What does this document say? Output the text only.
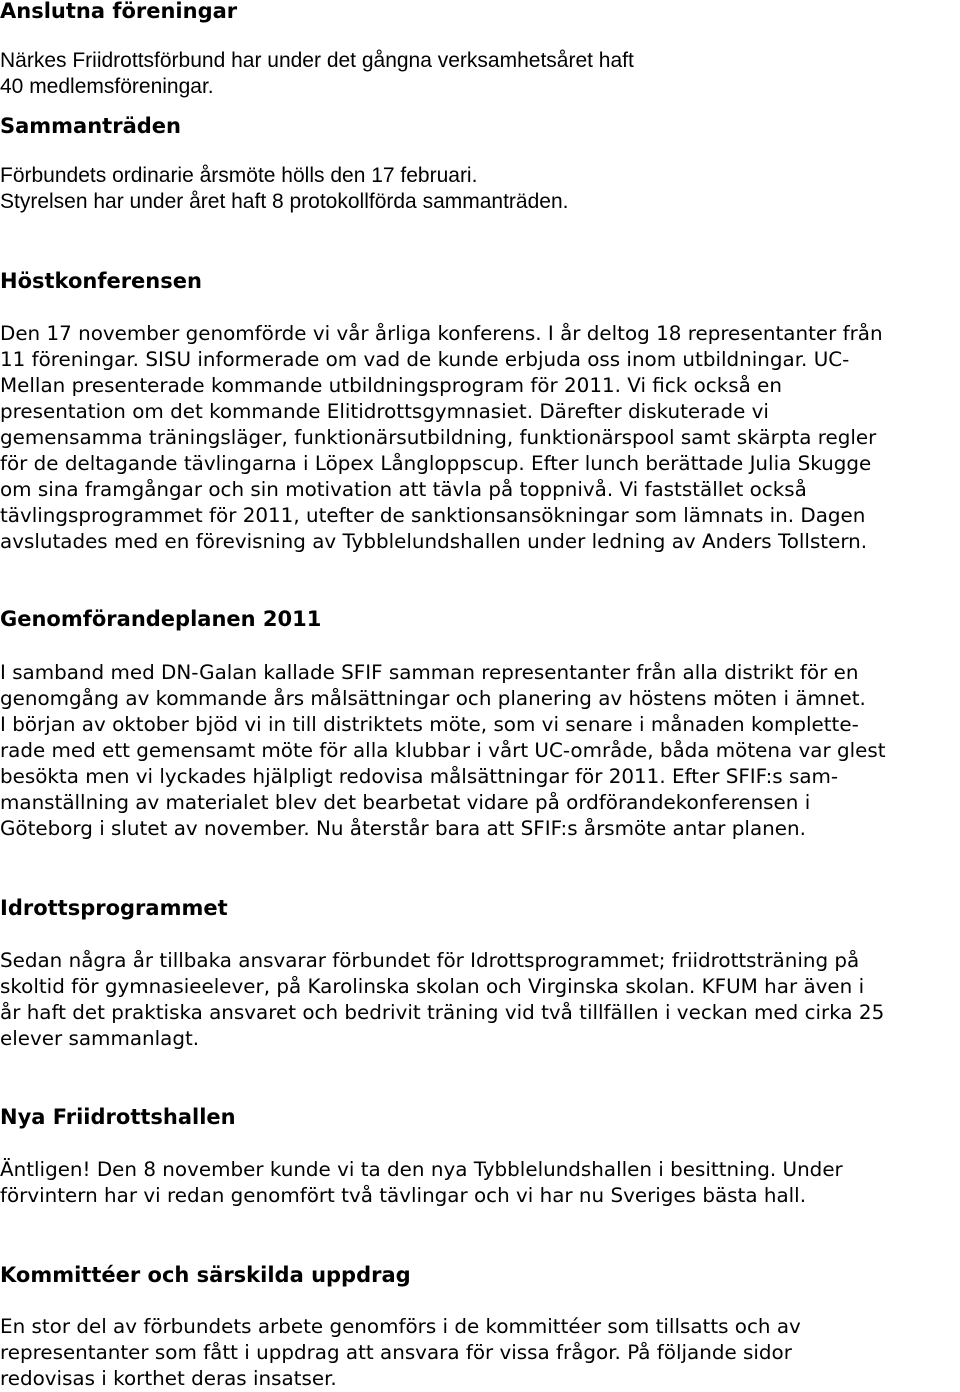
Anslutna föreningar
Närkes Friidrottsförbund har under det gångna verksamhetsåret haft
40 medlemsföreningar.
Sammanträden
Förbundets ordinarie årsmöte hölls den 17 februari.
Styrelsen har under året haft 8 protokollförda sammanträden.
Höstkonferensen
Den 17 november genomförde vi vår årliga konferens. I år deltog 18 representanter från
11 föreningar. SISU informerade om vad de kunde erbjuda oss inom utbildningar. UC-
Mellan presenterade kommande utbildningsprogram för 2011. Vi fick också en
presentation om det kommande Elitidrottsgymnasiet. Därefter diskuterade vi
gemensamma träningsläger, funktionärsutbildning, funktionärspool samt skärpta regler
för de deltagande tävlingarna i Löpex Långloppscup. Efter lunch berättade Julia Skugge
om sina framgångar och sin motivation att tävla på toppnivå. Vi faststället också
tävlingsprogrammet för 2011, utefter de sanktionsansökningar som lämnats in. Dagen
avslutades med en förevisning av Tybblelundshallen under ledning av Anders Tollstern.
Genomförandeplanen 2011
I samband med DN-Galan kallade SFIF samman representanter från alla distrikt för en
genomgång av kommande års målsättningar och planering av höstens möten i ämnet.
I början av oktober bjöd vi in till distriktets möte, som vi senare i månaden komplette-
rade med ett gemensamt möte för alla klubbar i vårt UC-område, båda mötena var glest
besökta men vi lyckades hjälpligt redovisa målsättningar för 2011. Efter SFIF:s sam-
manställning av materialet blev det bearbetat vidare på ordförandekonferensen i
Göteborg i slutet av november. Nu återstår bara att SFIF:s årsmöte antar planen.
Idrottsprogrammet
Sedan några år tillbaka ansvarar förbundet för Idrottsprogrammet; friidrottsträning på
skoltid för gymnasieelever, på Karolinska skolan och Virginska skolan. KFUM har även i
år haft det praktiska ansvaret och bedrivit träning vid två tillfällen i veckan med cirka 25
elever sammanlagt.
Nya Friidrottshallen
Äntligen! Den 8 november kunde vi ta den nya Tybblelundshallen i besittning. Under
förvintern har vi redan genomfört två tävlingar och vi har nu Sveriges bästa hall.
Kommittéer och särskilda uppdrag
En stor del av förbundets arbete genomförs i de kommittéer som tillsatts och av
representanter som fått i uppdrag att ansvara för vissa frågor. På följande sidor
redovisas i korthet deras insatser.
